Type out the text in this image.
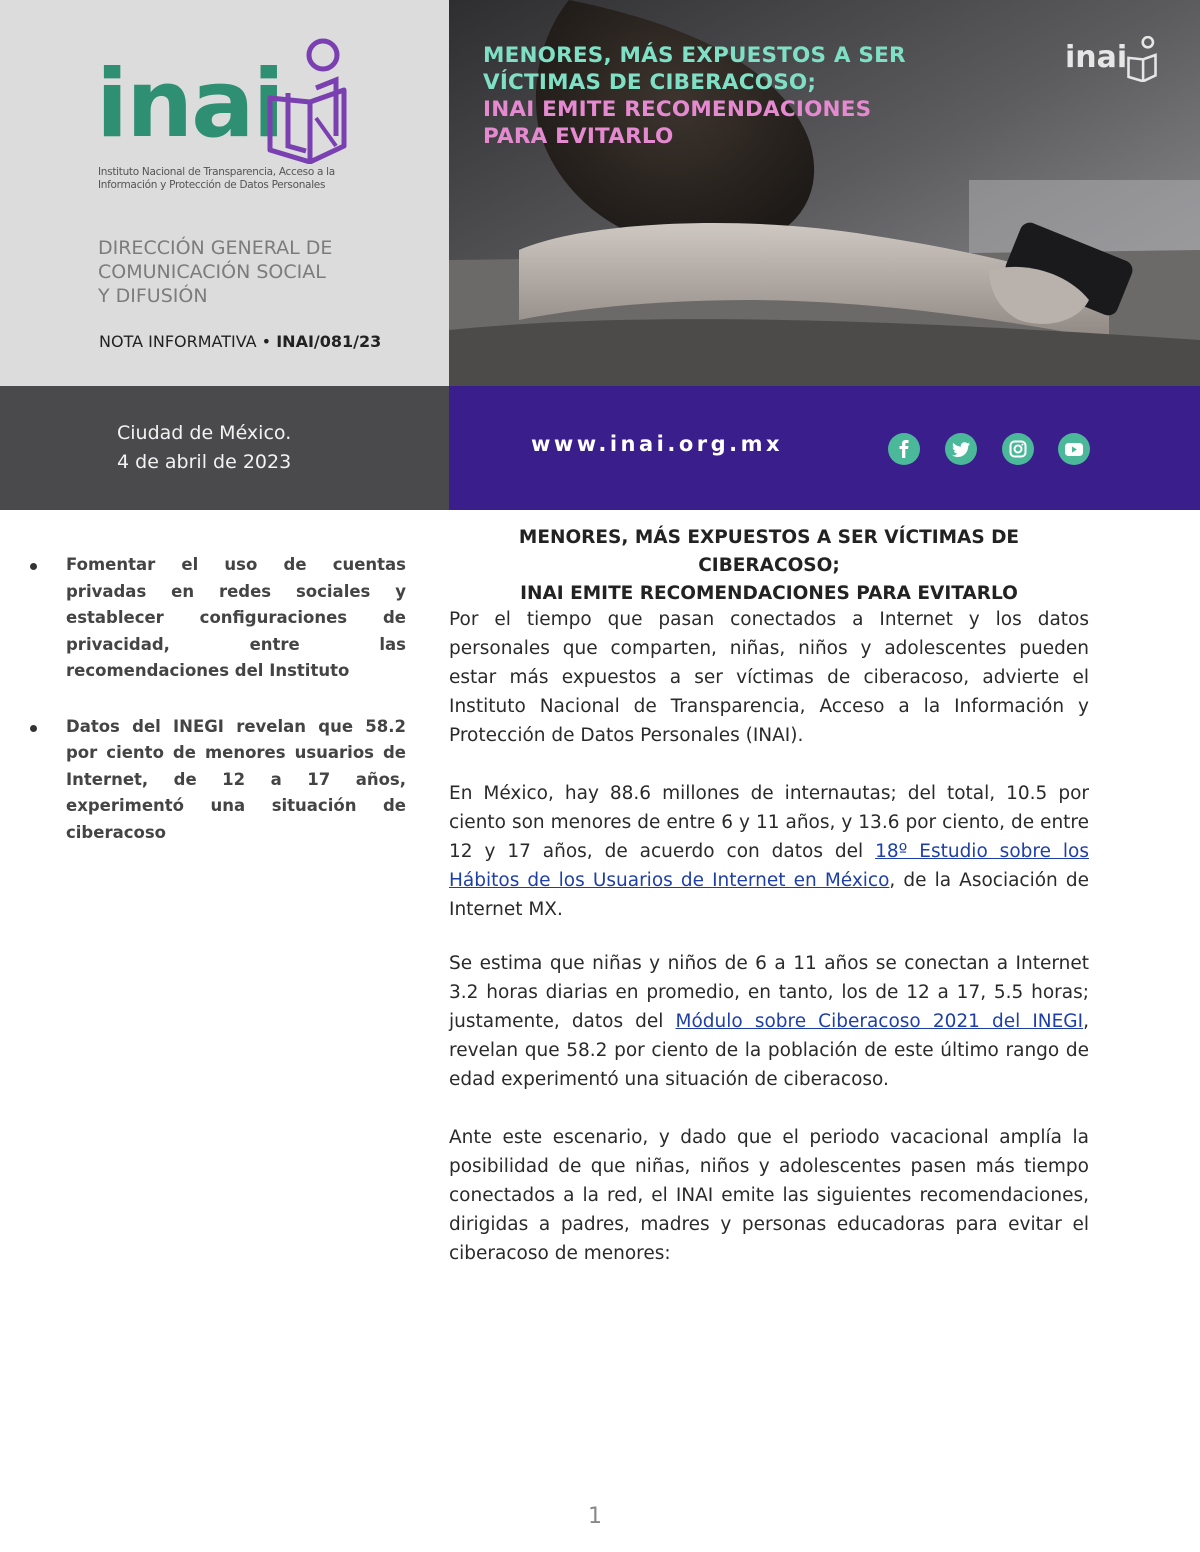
inai
Instituto Nacional de Transparencia, Acceso a la Información y Protección de Datos Personales
DIRECCIÓN GENERAL DE
COMUNICACIÓN SOCIAL
Y DIFUSIÓN
NOTA INFORMATIVA • INAI/081/23
MENORES, MÁS EXPUESTOS A SER VÍCTIMAS DE CIBERACOSO;
INAI EMITE RECOMENDACIONES PARA EVITARLO
inai
Ciudad de México.
4 de abril de 2023
www.inai.org.mx
Fomentar el uso de cuentas privadas en redes sociales y establecer configuraciones de privacidad, entre las recomendaciones del Instituto
Datos del INEGI revelan que 58.2 por ciento de menores usuarios de Internet, de 12 a 17 años, experimentó una situación de ciberacoso
MENORES, MÁS EXPUESTOS A SER VÍCTIMAS DE CIBERACOSO;
INAI EMITE RECOMENDACIONES PARA EVITARLO

Por el tiempo que pasan conectados a Internet y los datos personales que comparten, niñas, niños y adolescentes pueden estar más expuestos a ser víctimas de ciberacoso, advierte el Instituto Nacional de Transparencia, Acceso a la Información y Protección de Datos Personales (INAI).

En México, hay 88.6 millones de internautas; del total, 10.5 por ciento son menores de entre 6 y 11 años, y 13.6 por ciento, de entre 12 y 17 años, de acuerdo con datos del 18º Estudio sobre los Hábitos de los Usuarios de Internet en México, de la Asociación de Internet MX.

Se estima que niñas y niños de 6 a 11 años se conectan a Internet 3.2 horas diarias en promedio, en tanto, los de 12 a 17, 5.5 horas; justamente, datos del Módulo sobre Ciberacoso 2021 del INEGI, revelan que 58.2 por ciento de la población de este último rango de edad experimentó una situación de ciberacoso.

Ante este escenario, y dado que el periodo vacacional amplía la posibilidad de que niñas, niños y adolescentes pasen más tiempo conectados a la red, el INAI emite las siguientes recomendaciones, dirigidas a padres, madres y personas educadoras para evitar el ciberacoso de menores:

1
